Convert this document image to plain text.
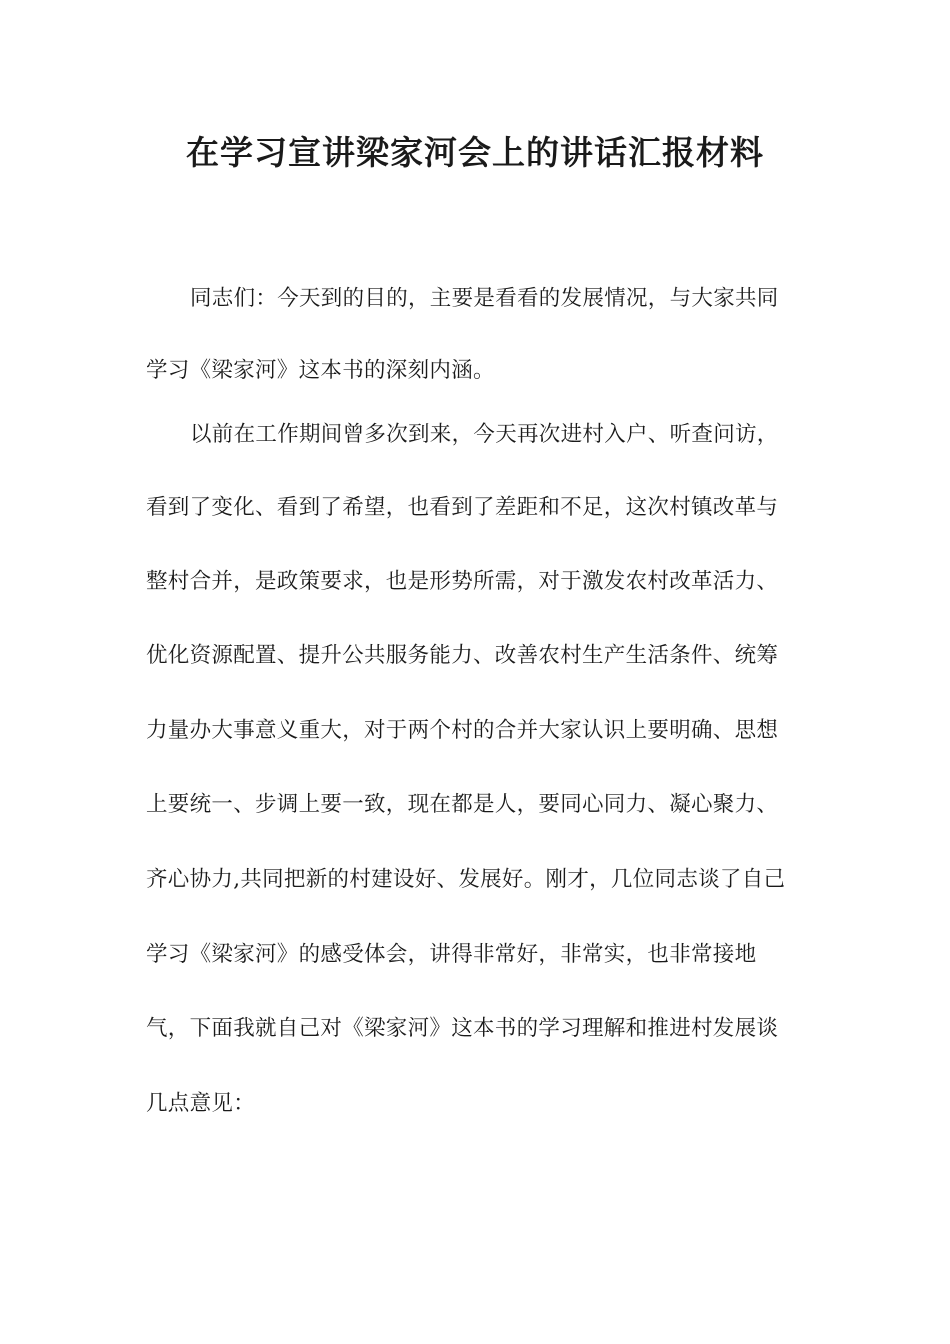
在学习宣讲梁家河会上的讲话汇报材料

同志们：今天到的目的，主要是看看的发展情况，与大家共同

学习《梁家河》这本书的深刻内涵。

以前在工作期间曾多次到来，今天再次进村入户、听查问访，

看到了变化、看到了希望，也看到了差距和不足，这次村镇改革与

整村合并，是政策要求，也是形势所需，对于激发农村改革活力、

优化资源配置、提升公共服务能力、改善农村生产生活条件、统筹

力量办大事意义重大，对于两个村的合并大家认识上要明确、思想

上要统一、步调上要一致，现在都是人，要同心同力、凝心聚力、

齐心协力,共同把新的村建设好、发展好。刚才，几位同志谈了自己

学习《梁家河》的感受体会，讲得非常好，非常实，也非常接地

气，下面我就自己对《梁家河》这本书的学习理解和推进村发展谈

几点意见：
